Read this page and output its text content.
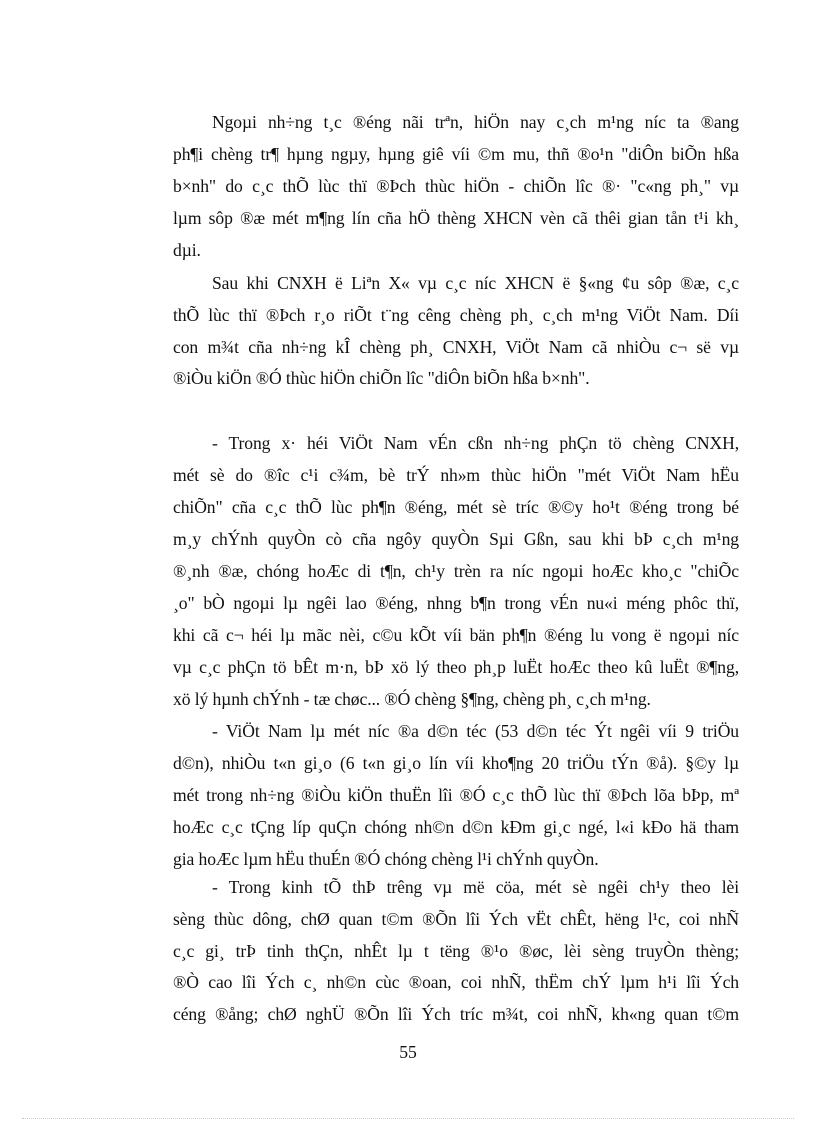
Ngoµi nh÷ng t¸c ®éng nãi trªn, hiÖn nay c¸ch m¹ng níc ta ®ang
ph¶i chèng tr¶ hµng ngµy, hµng giê víi ©m mu, thñ ®o¹n "diÔn biÕn hßa
b×nh" do c¸c thÕ lùc thï ®Þch thùc hiÖn - chiÕn lîc ®· "c«ng ph¸" vµ
lµm sôp ®æ mét m¶ng lín cña hÖ thèng XHCN vèn cã thêi gian tån t¹i kh¸
dµi.
Sau khi CNXH ë Liªn X« vµ c¸c níc XHCN ë §«ng ¢u sôp ®æ, c¸c
thÕ lùc thï ®Þch r¸o riÕt t¨ng cêng chèng ph¸ c¸ch m¹ng ViÖt Nam. Díi
con m¾t cña nh÷ng kÎ chèng ph¸ CNXH, ViÖt Nam cã nhiÒu c¬ së vµ
®iÒu kiÖn ®Ó thùc hiÖn chiÕn lîc "diÔn biÕn hßa b×nh".
- Trong x· héi ViÖt Nam vÉn cßn nh÷ng phÇn tö chèng CNXH,
mét sè do ®îc c¹i c¾m, bè trÝ nh»m thùc hiÖn "mét ViÖt Nam hËu
chiÕn" cña c¸c thÕ lùc ph¶n ®éng, mét sè tríc ®©y ho¹t ®éng trong bé
m¸y chÝnh quyÒn cò cña ngôy quyÒn Sµi Gßn, sau khi bÞ c¸ch m¹ng
®¸nh ®æ, chóng hoÆc di t¶n, ch¹y trèn ra níc ngoµi hoÆc kho¸c "chiÕc
¸o" bÒ ngoµi lµ ngêi lao ®éng, nhng b¶n trong vÉn nu«i méng phôc thï,
khi cã c¬ héi lµ mãc nèi, c©u kÕt víi bän ph¶n ®éng lu vong ë ngoµi níc
vµ c¸c phÇn tö bÊt m·n, bÞ xö lý theo ph¸p luËt hoÆc theo kû luËt ®¶ng,
xö lý hµnh chÝnh - tæ chøc... ®Ó chèng §¶ng, chèng ph¸ c¸ch m¹ng.
- ViÖt Nam lµ mét níc ®a d©n téc (53 d©n téc Ýt ngêi víi 9 triÖu
d©n), nhiÒu t«n gi¸o (6 t«n gi¸o lín víi kho¶ng 20 triÖu tÝn ®å). §©y lµ
mét trong nh÷ng ®iÒu kiÖn thuËn lîi ®Ó c¸c thÕ lùc thï ®Þch lõa bÞp, mª
hoÆc c¸c tÇng líp quÇn chóng nh©n d©n kÐm gi¸c ngé, l«i kÐo hä tham
gia hoÆc lµm hËu thuÉn ®Ó chóng chèng l¹i chÝnh quyÒn.
- Trong kinh tÕ thÞ trêng vµ më cöa, mét sè ngêi ch¹y theo lèi
sèng thùc dông, chØ quan t©m ®Õn lîi Ých vËt chÊt, hëng l¹c, coi nhÑ
c¸c gi¸ trÞ tinh thÇn, nhÊt lµ t tëng ®¹o ®øc, lèi sèng truyÒn thèng;
®Ò cao lîi Ých c¸ nh©n cùc ®oan, coi nhÑ, thËm chÝ lµm h¹i lîi Ých
céng ®ång; chØ nghÜ ®Õn lîi Ých tríc m¾t, coi nhÑ, kh«ng quan t©m
55
